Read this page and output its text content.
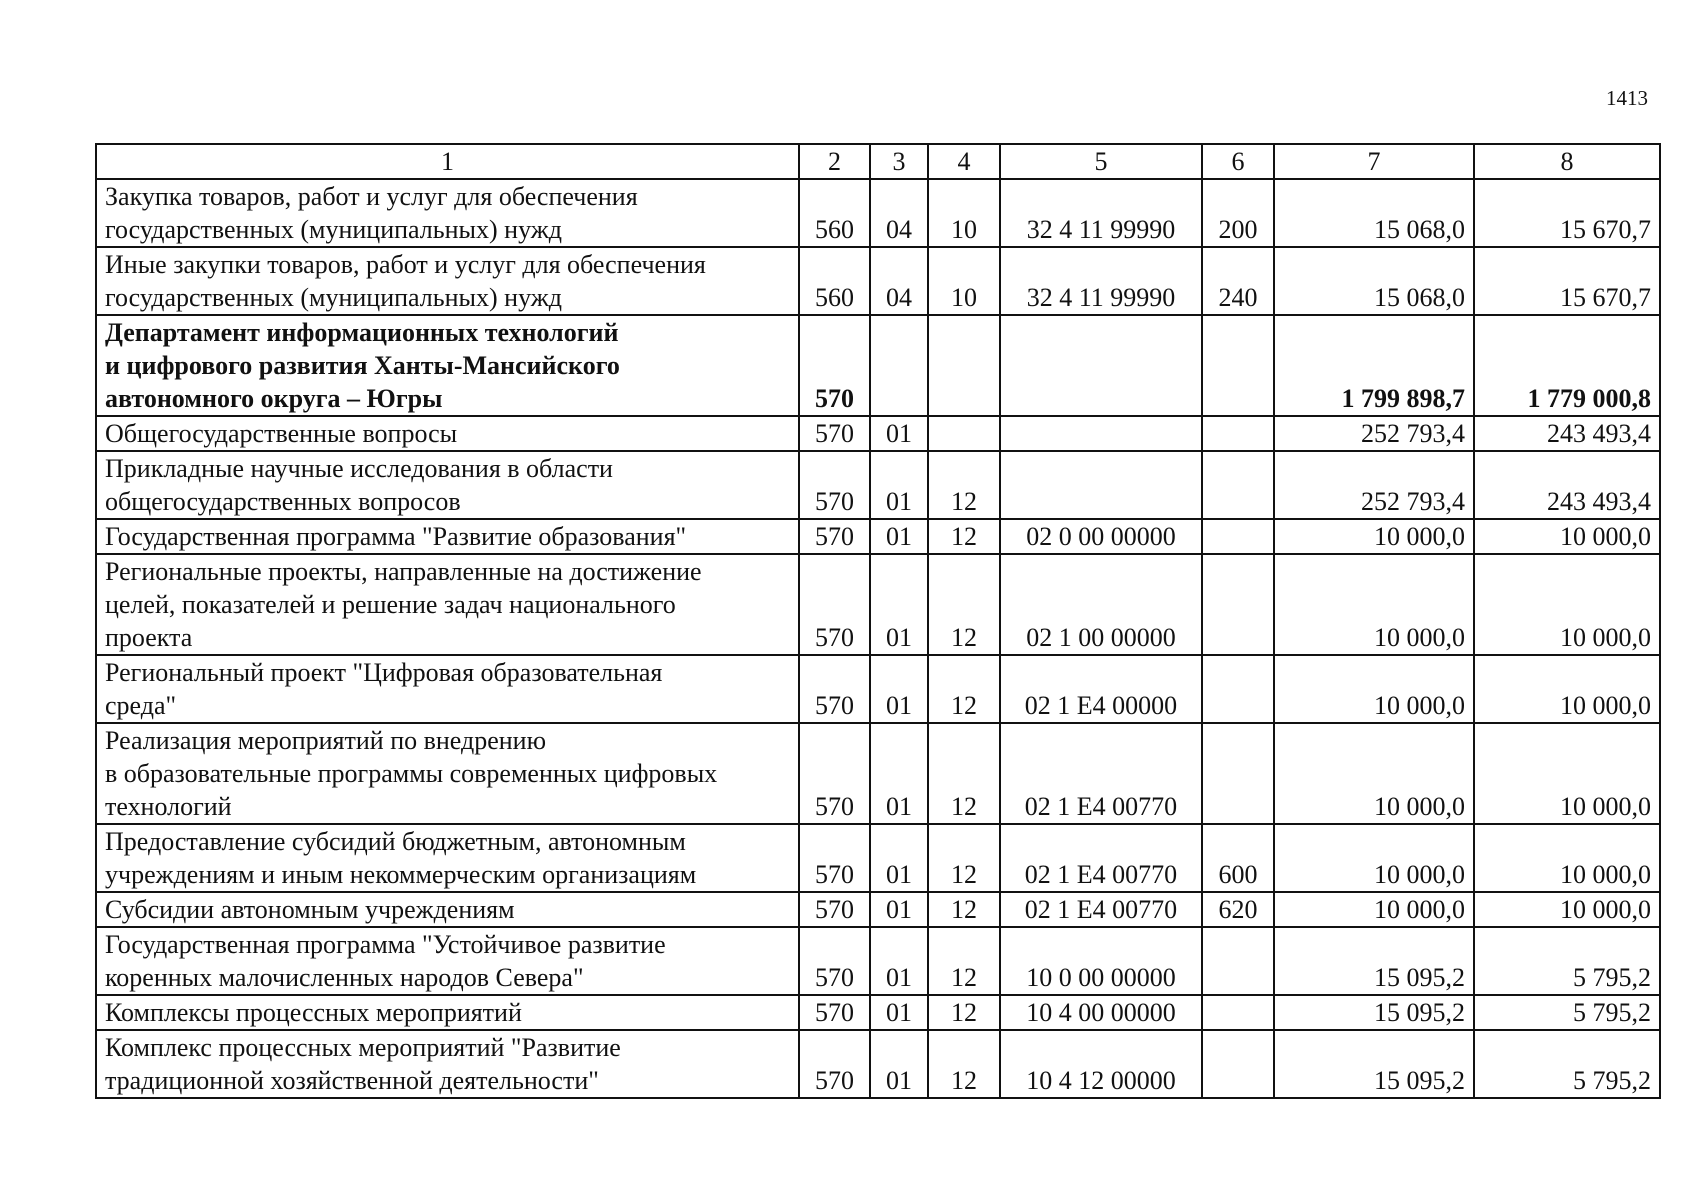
1413
1	2	3	4	5	6	7	8
Закупка товаров, работ и услуг для обеспечения
государственных (муниципальных) нужд	560	04	10	32 4 11 99990	200	15 068,0	15 670,7
Иные закупки товаров, работ и услуг для обеспечения
государственных (муниципальных) нужд	560	04	10	32 4 11 99990	240	15 068,0	15 670,7
Департамент информационных технологий
и цифрового развития Ханты-Мансийского
автономного округа – Югры	570					1 799 898,7	1 779 000,8
Общегосударственные вопросы	570	01				252 793,4	243 493,4
Прикладные научные исследования в области
общегосударственных вопросов	570	01	12			252 793,4	243 493,4
Государственная программа "Развитие образования"	570	01	12	02 0 00 00000		10 000,0	10 000,0
Региональные проекты, направленные на достижение
целей, показателей и решение задач национального
проекта	570	01	12	02 1 00 00000		10 000,0	10 000,0
Региональный проект "Цифровая образовательная
среда"	570	01	12	02 1 Е4 00000		10 000,0	10 000,0
Реализация мероприятий по внедрению
в образовательные программы современных цифровых
технологий	570	01	12	02 1 Е4 00770		10 000,0	10 000,0
Предоставление субсидий бюджетным, автономным
учреждениям и иным некоммерческим организациям	570	01	12	02 1 Е4 00770	600	10 000,0	10 000,0
Субсидии автономным учреждениям	570	01	12	02 1 Е4 00770	620	10 000,0	10 000,0
Государственная программа "Устойчивое развитие
коренных малочисленных народов Севера"	570	01	12	10 0 00 00000		15 095,2	5 795,2
Комплексы процессных мероприятий	570	01	12	10 4 00 00000		15 095,2	5 795,2
Комплекс процессных мероприятий "Развитие
традиционной хозяйственной деятельности"	570	01	12	10 4 12 00000		15 095,2	5 795,2
